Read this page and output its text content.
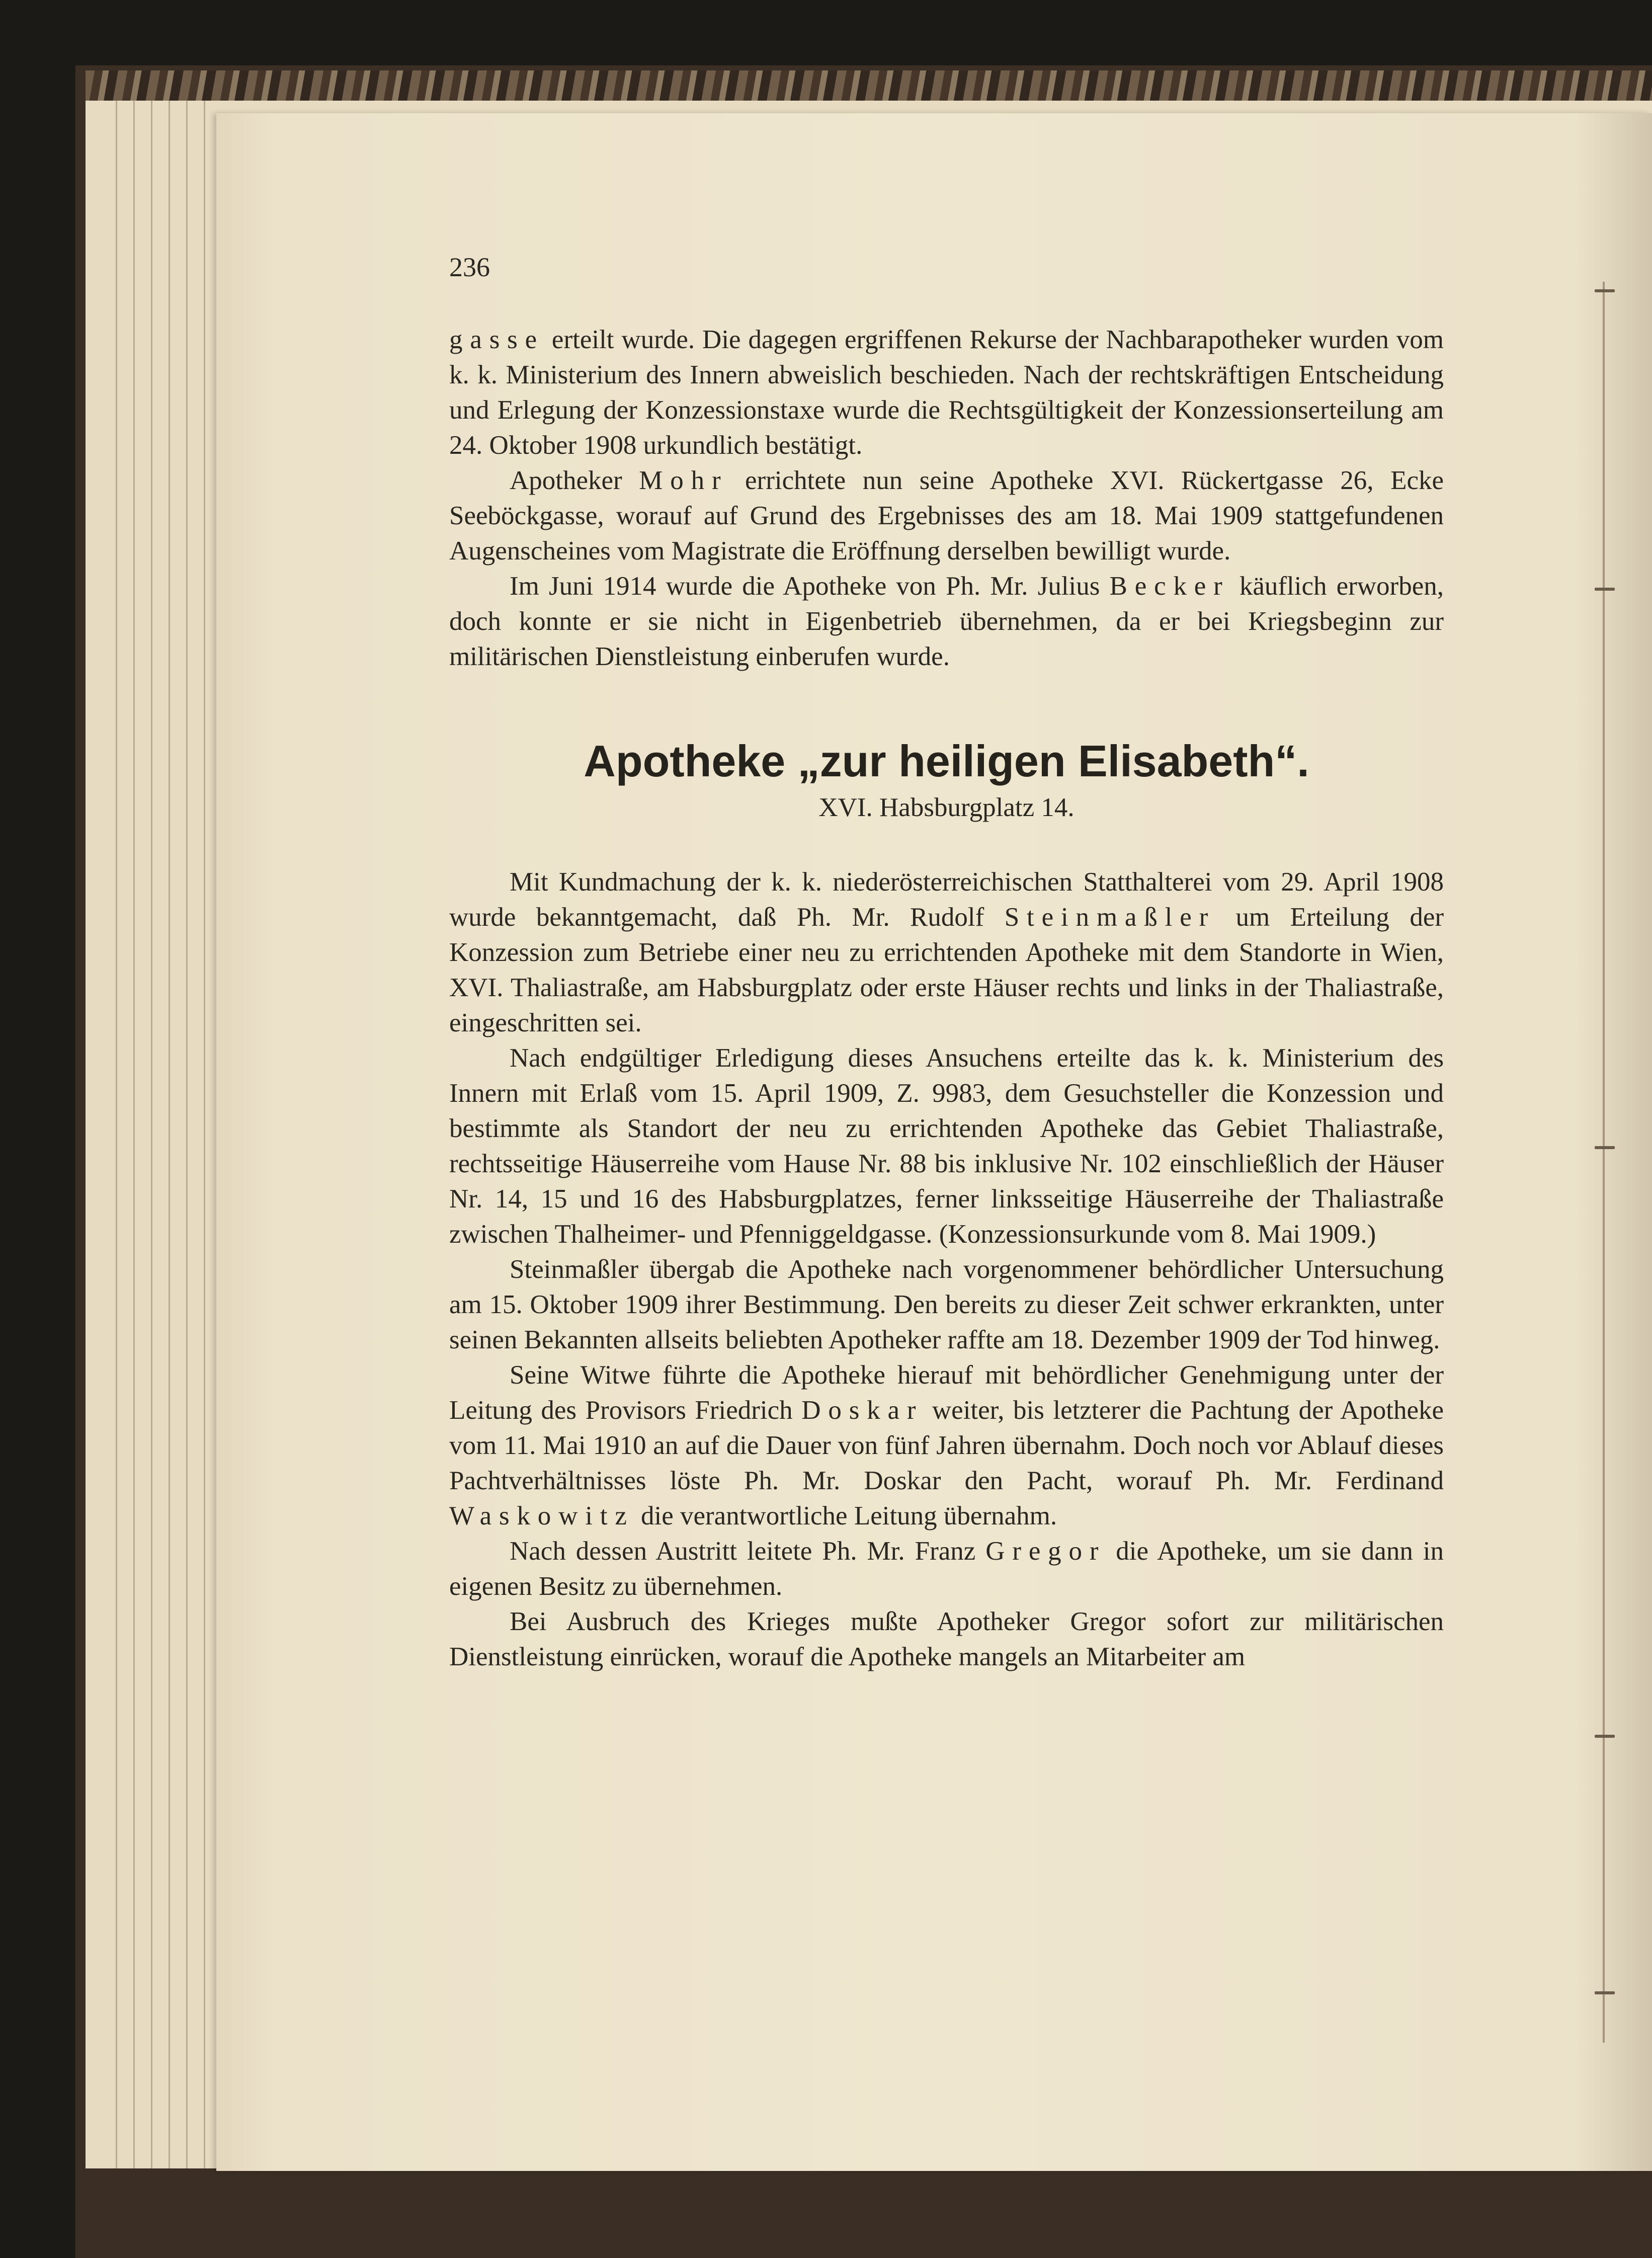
236

gasse erteilt wurde. Die dagegen ergriffenen Rekurse der Nachbarapotheker wurden vom k. k. Ministerium des Innern abweislich beschieden. Nach der rechtskräftigen Entscheidung und Erlegung der Konzessionstaxe wurde die Rechtsgültigkeit der Konzessionserteilung am 24. Oktober 1908 urkundlich bestätigt.

Apotheker Mohr errichtete nun seine Apotheke XVI. Rückertgasse 26, Ecke Seeböckgasse, worauf auf Grund des Ergebnisses des am 18. Mai 1909 stattgefundenen Augenscheines vom Magistrate die Eröffnung derselben bewilligt wurde.

Im Juni 1914 wurde die Apotheke von Ph. Mr. Julius Becker käuflich erworben, doch konnte er sie nicht in Eigenbetrieb übernehmen, da er bei Kriegsbeginn zur militärischen Dienstleistung einberufen wurde.

Apotheke „zur heiligen Elisabeth“.

XVI. Habsburgplatz 14.

Mit Kundmachung der k. k. niederösterreichischen Statthalterei vom 29. April 1908 wurde bekanntgemacht, daß Ph. Mr. Rudolf Steinmaßler um Erteilung der Konzession zum Betriebe einer neu zu errichtenden Apotheke mit dem Standorte in Wien, XVI. Thaliastraße, am Habsburgplatz oder erste Häuser rechts und links in der Thaliastraße, eingeschritten sei.

Nach endgültiger Erledigung dieses Ansuchens erteilte das k. k. Ministerium des Innern mit Erlaß vom 15. April 1909, Z. 9983, dem Gesuchsteller die Konzession und bestimmte als Standort der neu zu errichtenden Apotheke das Gebiet Thaliastraße, rechtsseitige Häuserreihe vom Hause Nr. 88 bis inklusive Nr. 102 einschließlich der Häuser Nr. 14, 15 und 16 des Habsburgplatzes, ferner linksseitige Häuserreihe der Thaliastraße zwischen Thalheimer- und Pfenniggeldgasse. (Konzessionsurkunde vom 8. Mai 1909.)

Steinmaßler übergab die Apotheke nach vorgenommener behördlicher Untersuchung am 15. Oktober 1909 ihrer Bestimmung. Den bereits zu dieser Zeit schwer erkrankten, unter seinen Bekannten allseits beliebten Apotheker raffte am 18. Dezember 1909 der Tod hinweg.

Seine Witwe führte die Apotheke hierauf mit behördlicher Genehmigung unter der Leitung des Provisors Friedrich Doskar weiter, bis letzterer die Pachtung der Apotheke vom 11. Mai 1910 an auf die Dauer von fünf Jahren übernahm. Doch noch vor Ablauf dieses Pachtverhältnisses löste Ph. Mr. Doskar den Pacht, worauf Ph. Mr. Ferdinand Waskowitz die verantwortliche Leitung übernahm.

Nach dessen Austritt leitete Ph. Mr. Franz Gregor die Apotheke, um sie dann in eigenen Besitz zu übernehmen.

Bei Ausbruch des Krieges mußte Apotheker Gregor sofort zur militärischen Dienstleistung einrücken, worauf die Apotheke mangels an Mitarbeiter am
